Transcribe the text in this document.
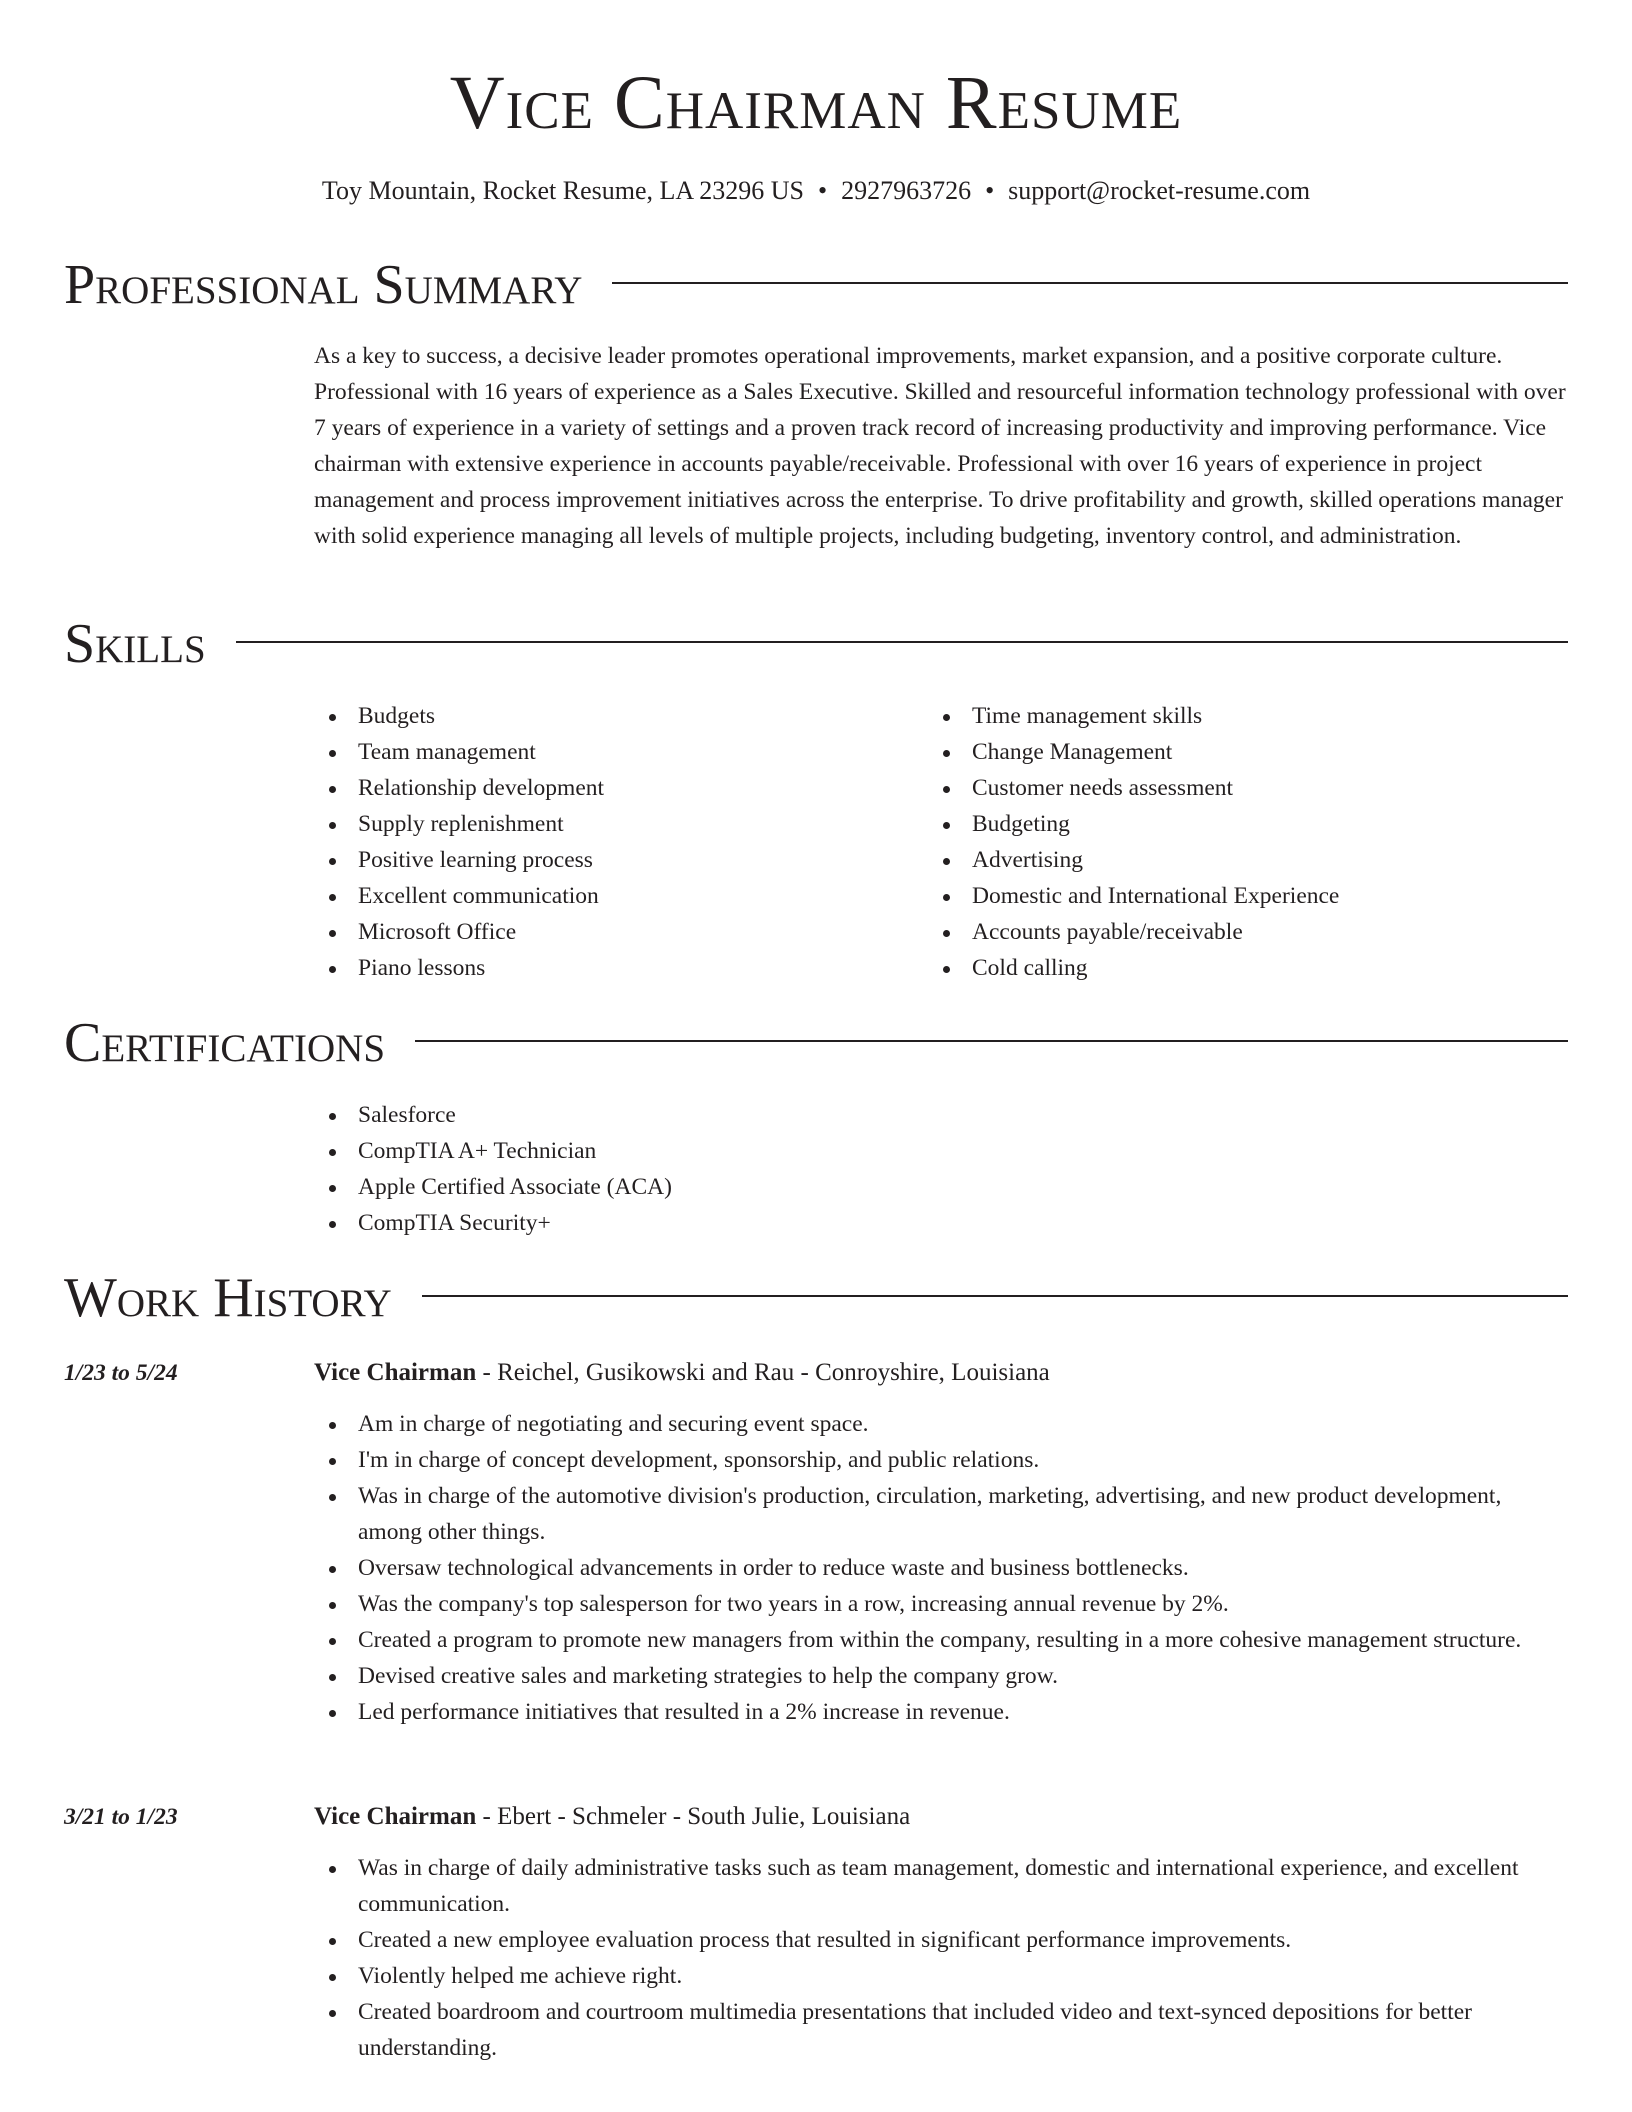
Vice Chairman Resume
Toy Mountain, Rocket Resume, LA 23296 US • 2927963726 • support@rocket-resume.com
Professional Summary

As a key to success, a decisive leader promotes operational improvements, market expansion, and a positive corporate culture. Professional with 16 years of experience as a Sales Executive. Skilled and resourceful information technology professional with over 7 years of experience in a variety of settings and a proven track record of increasing productivity and improving performance. Vice chairman with extensive experience in accounts payable/receivable. Professional with over 16 years of experience in project management and process improvement initiatives across the enterprise. To drive profitability and growth, skilled operations manager with solid experience managing all levels of multiple projects, including budgeting, inventory control, and administration.

Skills
Budgets
Team management
Relationship development
Supply replenishment
Positive learning process
Excellent communication
Microsoft Office
Piano lessons
Time management skills
Change Management
Customer needs assessment
Budgeting
Advertising
Domestic and International Experience
Accounts payable/receivable
Cold calling
Certifications
Salesforce
CompTIA A+ Technician
Apple Certified Associate (ACA)
CompTIA Security+
Work History
1/23 to 5/24	Vice Chairman - Reichel, Gusikowski and Rau - Conroyshire, Louisiana
Am in charge of negotiating and securing event space.
I'm in charge of concept development, sponsorship, and public relations.
Was in charge of the automotive division's production, circulation, marketing, advertising, and new product development, among other things.
Oversaw technological advancements in order to reduce waste and business bottlenecks.
Was the company's top salesperson for two years in a row, increasing annual revenue by 2%.
Created a program to promote new managers from within the company, resulting in a more cohesive management structure.
Devised creative sales and marketing strategies to help the company grow.
Led performance initiatives that resulted in a 2% increase in revenue.
3/21 to 1/23	Vice Chairman - Ebert - Schmeler - South Julie, Louisiana
Was in charge of daily administrative tasks such as team management, domestic and international experience, and excellent communication.
Created a new employee evaluation process that resulted in significant performance improvements.
Violently helped me achieve right.
Created boardroom and courtroom multimedia presentations that included video and text-synced depositions for better understanding.
